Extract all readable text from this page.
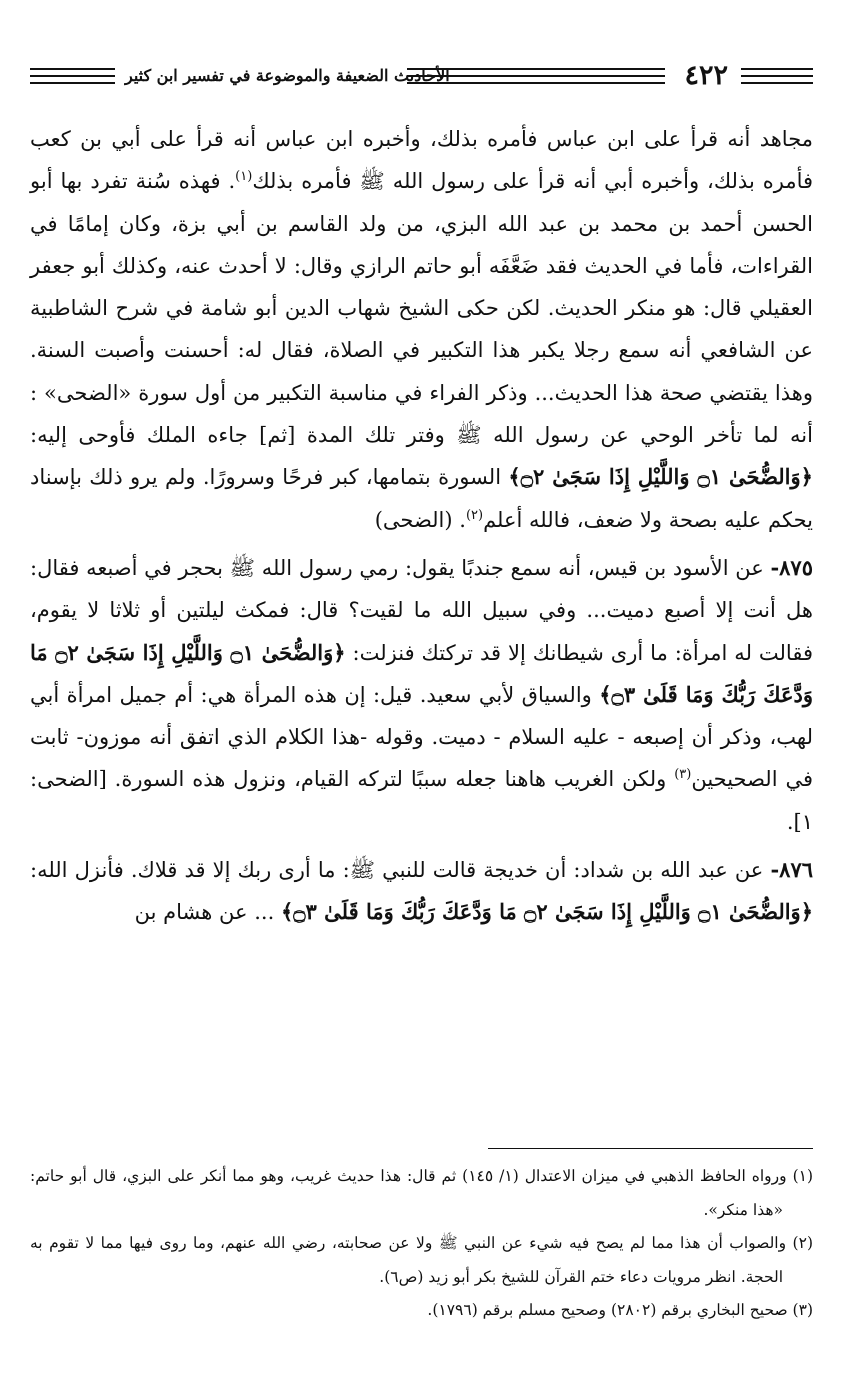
٤٢٢
الأحاديث الضعيفة والموضوعة في تفسير ابن كثير

مجاهد أنه قرأ على ابن عباس فأمره بذلك، وأخبره ابن عباس أنه قرأ على أبي بن كعب فأمره بذلك، وأخبره أبي أنه قرأ على رسول الله ﷺ فأمره بذلك$^{(١)}$. فهذه سُنة تفرد بها أبو الحسن أحمد بن محمد بن عبد الله البزي، من ولد القاسم بن أبي بزة، وكان إمامًا في القراءات، فأما في الحديث فقد ضَعَّفَه أبو حاتم الرازي وقال: لا أحدث عنه، وكذلك أبو جعفر العقيلي قال: هو منكر الحديث. لكن حكى الشيخ شهاب الدين أبو شامة في شرح الشاطبية عن الشافعي أنه سمع رجلا يكبر هذا التكبير في الصلاة، فقال له: أحسنت وأصبت السنة. وهذا يقتضي صحة هذا الحديث... وذكر الفراء في مناسبة التكبير من أول سورة «الضحى» : أنه لما تأخر الوحي عن رسول الله ﷺ وفتر تلك المدة [ثم] جاءه الملك فأوحى إليه: ﴿وَالضُّحَىٰ ۝١ وَاللَّيْلِ إِذَا سَجَىٰ ۝٢﴾ السورة بتمامها، كبر فرحًا وسرورًا. ولم يرو ذلك بإسناد يحكم عليه بصحة ولا ضعف، فالله أعلم$^{(٢)}$. (الضحى)

٨٧٥- عن الأسود بن قيس، أنه سمع جندبًا يقول: رمي رسول الله ﷺ بحجر في أصبعه فقال: هل أنت إلا أصبع دميت... وفي سبيل الله ما لقيت؟ قال: فمكث ليلتين أو ثلاثا لا يقوم، فقالت له امرأة: ما أرى شيطانك إلا قد تركتك فنزلت: ﴿وَالضُّحَىٰ ۝١ وَاللَّيْلِ إِذَا سَجَىٰ ۝٢ مَا وَدَّعَكَ رَبُّكَ وَمَا قَلَىٰ ۝٣﴾ والسياق لأبي سعيد. قيل: إن هذه المرأة هي: أم جميل امرأة أبي لهب، وذكر أن إصبعه - عليه السلام - دميت. وقوله -هذا الكلام الذي اتفق أنه موزون- ثابت في الصحيحين$^{(٣)}$ ولكن الغريب هاهنا جعله سببًا لتركه القيام، ونزول هذه السورة. [الضحى: ١].

٨٧٦- عن عبد الله بن شداد: أن خديجة قالت للنبي ﷺ: ما أرى ربك إلا قد قلاك. فأنزل الله: ﴿وَالضُّحَىٰ ۝١ وَاللَّيْلِ إِذَا سَجَىٰ ۝٢ مَا وَدَّعَكَ رَبُّكَ وَمَا قَلَىٰ ۝٣﴾ ... عن هشام بن

(١) ورواه الحافظ الذهبي في ميزان الاعتدال (١/ ١٤٥) ثم قال: هذا حديث غريب، وهو مما أنكر على البزي، قال أبو حاتم: «هذا منكر».

(٢) والصواب أن هذا مما لم يصح فيه شيء عن النبي ﷺ ولا عن صحابته، رضي الله عنهم، وما روى فيها مما لا تقوم به الحجة. انظر مرويات دعاء ختم القرآن للشيخ بكر أبو زيد (ص٦).

(٣) صحيح البخاري برقم (٢٨٠٢) وصحيح مسلم برقم (١٧٩٦).
